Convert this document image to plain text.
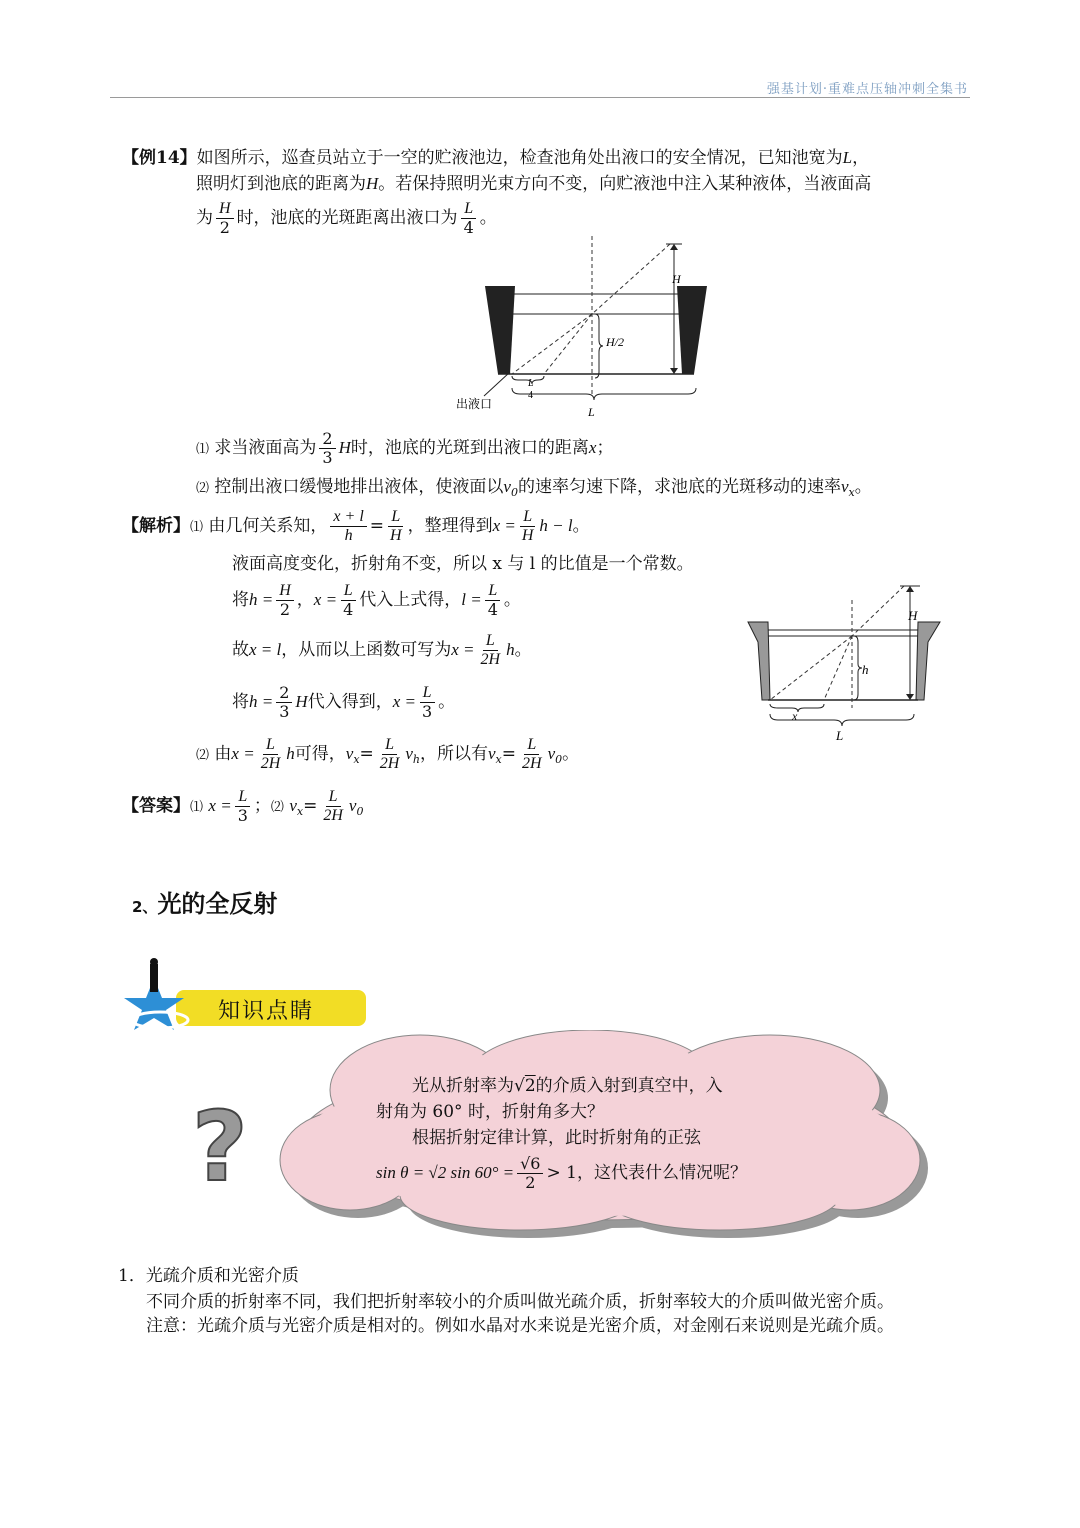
强基计划·重难点压轴冲刺全集书
【例14】如图所示，巡查员站立于一空的贮液池边，检查池角处出液口的安全情况，已知池宽为L，
照明灯到池底的距离为H。若保持照明光束方向不变，向贮液池中注入某种液体，当液面高
为 $\frac{H}{2}$ 时，池底的光斑距离出液口为 $\frac{L}{4}$ 。
H
H/2
L
4
出液口
L
⑴ 求当液面高为 $\frac{2}{3}$ H时，池底的光斑到出液口的距离x；
⑵ 控制出液口缓慢地排出液体，使液面以$v_0$的速率匀速下降，求池底的光斑移动的速率$v_x$。
【解析】⑴ 由几何关系知， $\frac{x + l}{h} = \frac{L}{H}$ ，整理得到$x = \frac{L}{H}$ h − l。
液面高度变化，折射角不变，所以 x 与 l 的比值是一个常数。
将$h = \frac{H}{2}$ ，$x = \frac{L}{4}$ 代入上式得，$l = \frac{L}{4}$ 。
故x = l，从而以上函数可写为$x = \frac{L}{2H}$ h。
将$h = \frac{2}{3}$ H代入得到，$x = \frac{L}{3}$ 。
⑵ 由$x = \frac{L}{2H}$ h可得，$v_x= \frac{L}{2H} v_h$，所以有$v_x= \frac{L}{2H} v_0$。
H
h
x
L
【答案】⑴ $x = \frac{L}{3}$ ；⑵ $v_x= \frac{L}{2H} v_0$
2、光的全反射
知识点睛
?
光从折射率为√2的介质入射到真空中，入
射角为 60° 时，折射角多大？
根据折射定律计算，此时折射角的正弦
sin θ = √2 $\sin 60^\circ = \frac{√6}{2} > 1$，这代表什么情况呢？
1．光疏介质和光密介质
不同介质的折射率不同，我们把折射率较小的介质叫做光疏介质，折射率较大的介质叫做光密介质。
注意：光疏介质与光密介质是相对的。例如水晶对水来说是光密介质，对金刚石来说则是光疏介质。
